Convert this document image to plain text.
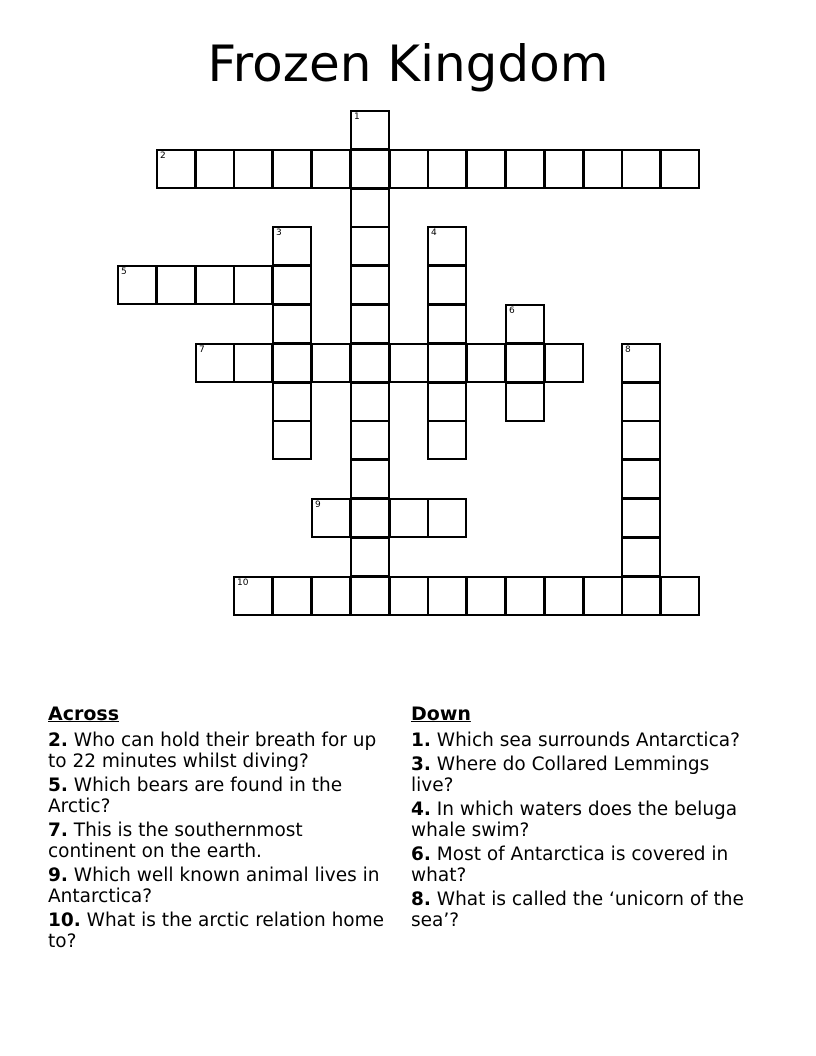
Frozen Kingdom
2
5
7
9
10
1
3	4
6
8
Across
2. Who can hold their breath for up to 22 minutes whilst diving?
5. Which bears are found in the Arctic?
7. This is the southernmost continent on the earth.
9. Which well known animal lives in Antarctica?
10. What is the arctic relation home to?
Down
1. Which sea surrounds Antarctica?
3. Where do Collared Lemmings live?
4. In which waters does the beluga whale swim?
6. Most of Antarctica is covered in what?
8. What is called the ‘unicorn of the sea’?
